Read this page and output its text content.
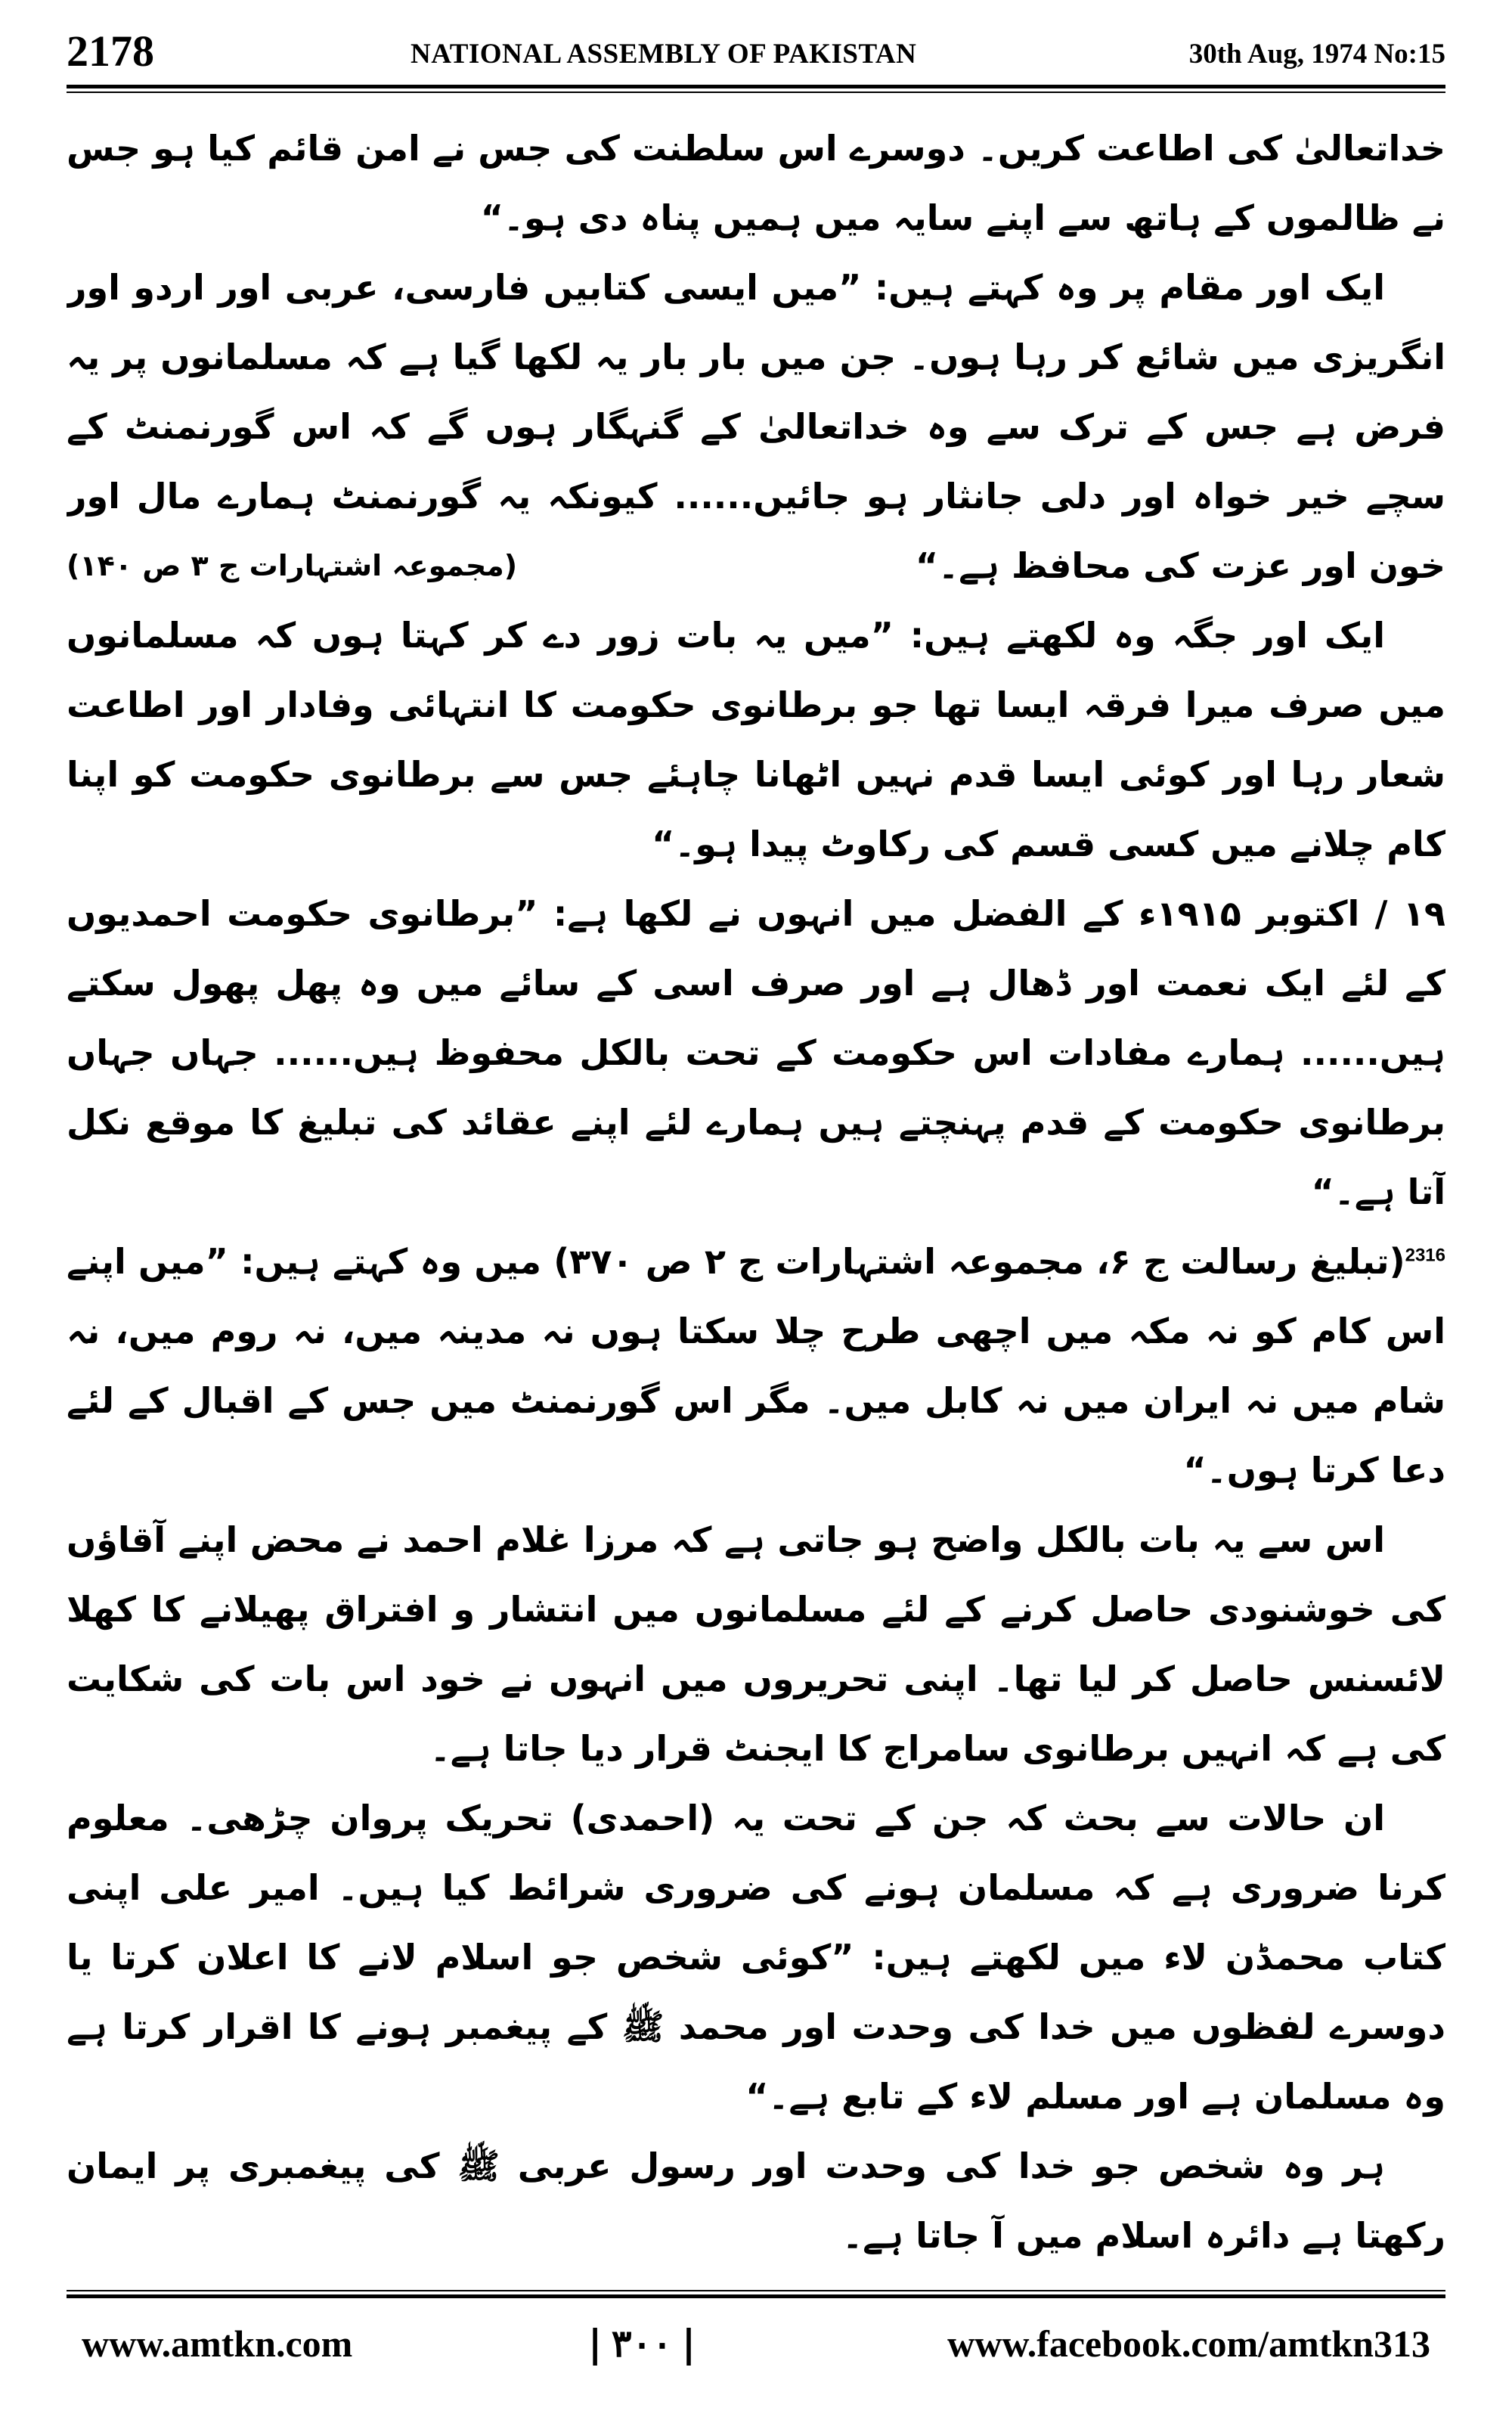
2178	NATIONAL ASSEMBLY OF PAKISTAN	30th Aug, 1974 No:15

خداتعالیٰ کی اطاعت کریں۔ دوسرے اس سلطنت کی جس نے امن قائم کیا ہو جس نے ظالموں کے ہاتھ سے اپنے سایہ میں ہمیں پناہ دی ہو۔“

ایک اور مقام پر وہ کہتے ہیں: ”میں ایسی کتابیں فارسی، عربی اور اردو اور انگریزی میں شائع کر رہا ہوں۔ جن میں بار بار یہ لکھا گیا ہے کہ مسلمانوں پر یہ فرض ہے جس کے ترک سے وہ خداتعالیٰ کے گنہگار ہوں گے کہ اس گورنمنٹ کے سچے خیر خواہ اور دلی جانثار ہو جائیں...... کیونکہ یہ گورنمنٹ ہمارے مال اور خون اور عزت کی محافظ ہے۔“
(مجموعہ اشتہارات ج ۳ ص ۱۴۰)

ایک اور جگہ وہ لکھتے ہیں: ”میں یہ بات زور دے کر کہتا ہوں کہ مسلمانوں میں صرف میرا فرقہ ایسا تھا جو برطانوی حکومت کا انتہائی وفادار اور اطاعت شعار رہا اور کوئی ایسا قدم نہیں اٹھانا چاہئے جس سے برطانوی حکومت کو اپنا کام چلانے میں کسی قسم کی رکاوٹ پیدا ہو۔“

۱۹ / اکتوبر ۱۹۱۵ء کے الفضل میں انہوں نے لکھا ہے: ”برطانوی حکومت احمدیوں کے لئے ایک نعمت اور ڈھال ہے اور صرف اسی کے سائے میں وہ پھل پھول سکتے ہیں...... ہمارے مفادات اس حکومت کے تحت بالکل محفوظ ہیں...... جہاں جہاں برطانوی حکومت کے قدم پہنچتے ہیں ہمارے لئے اپنے عقائد کی تبلیغ کا موقع نکل آتا ہے۔“

$^{2316}$(تبلیغ رسالت ج ۶، مجموعہ اشتہارات ج ۲ ص ۳۷۰) میں وہ کہتے ہیں: ”میں اپنے اس کام کو نہ مکہ میں اچھی طرح چلا سکتا ہوں نہ مدینہ میں، نہ روم میں، نہ شام میں نہ ایران میں نہ کابل میں۔ مگر اس گورنمنٹ میں جس کے اقبال کے لئے دعا کرتا ہوں۔“

اس سے یہ بات بالکل واضح ہو جاتی ہے کہ مرزا غلام احمد نے محض اپنے آقاؤں کی خوشنودی حاصل کرنے کے لئے مسلمانوں میں انتشار و افتراق پھیلانے کا کھلا لائسنس حاصل کر لیا تھا۔ اپنی تحریروں میں انہوں نے خود اس بات کی شکایت کی ہے کہ انہیں برطانوی سامراج کا ایجنٹ قرار دیا جاتا ہے۔

ان حالات سے بحث کہ جن کے تحت یہ (احمدی) تحریک پروان چڑھی۔ معلوم کرنا ضروری ہے کہ مسلمان ہونے کی ضروری شرائط کیا ہیں۔ امیر علی اپنی کتاب محمڈن لاء میں لکھتے ہیں: ”کوئی شخص جو اسلام لانے کا اعلان کرتا یا دوسرے لفظوں میں خدا کی وحدت اور محمد ﷺ کے پیغمبر ہونے کا اقرار کرتا ہے وہ مسلمان ہے اور مسلم لاء کے تابع ہے۔“

ہر وہ شخص جو خدا کی وحدت اور رسول عربی ﷺ کی پیغمبری پر ایمان رکھتا ہے دائرہ اسلام میں آ جاتا ہے۔

www.amtkn.com	| ۳۰۰ |	www.facebook.com/amtkn313
